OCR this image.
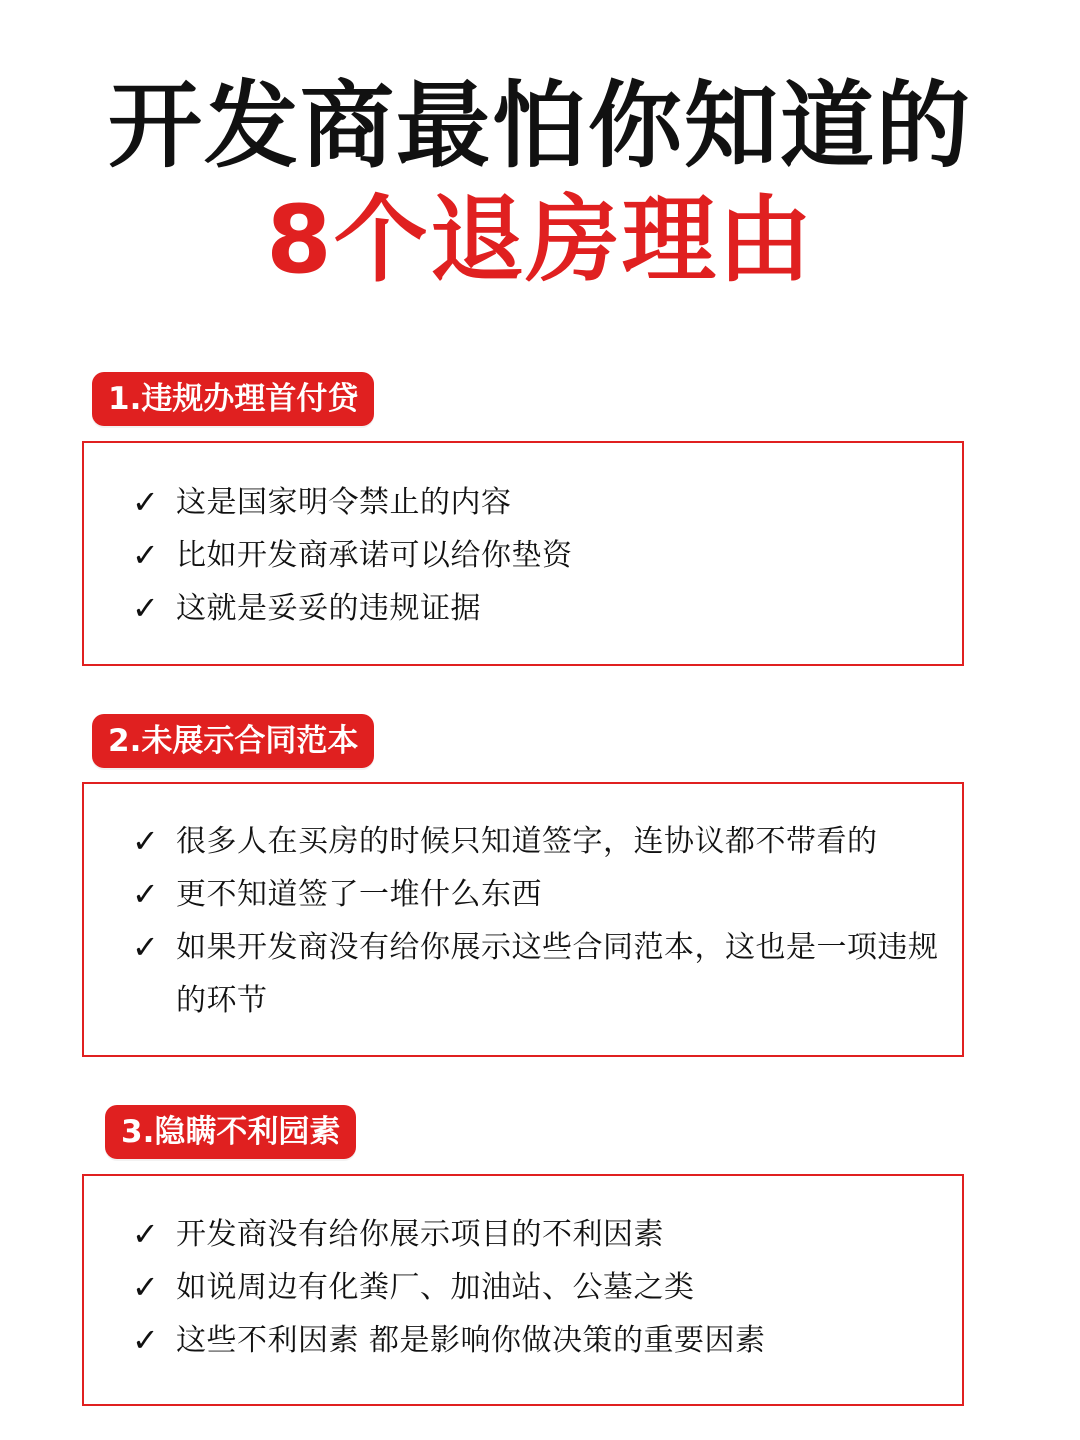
开发商最怕你知道的
8个退房理由
1.违规办理首付贷
✓ 这是国家明令禁止的内容
✓ 比如开发商承诺可以给你垫资
✓ 这就是妥妥的违规证据
2.未展示合同范本
✓ 很多人在买房的时候只知道签字，连协议都不带看的
✓ 更不知道签了一堆什么东西
✓ 如果开发商没有给你展示这些合同范本，这也是一项违规的环节
3.隐瞒不利园素
✓ 开发商没有给你展示项目的不利因素
✓ 如说周边有化粪厂、加油站、公墓之类
✓ 这些不利因素 都是影响你做决策的重要因素
